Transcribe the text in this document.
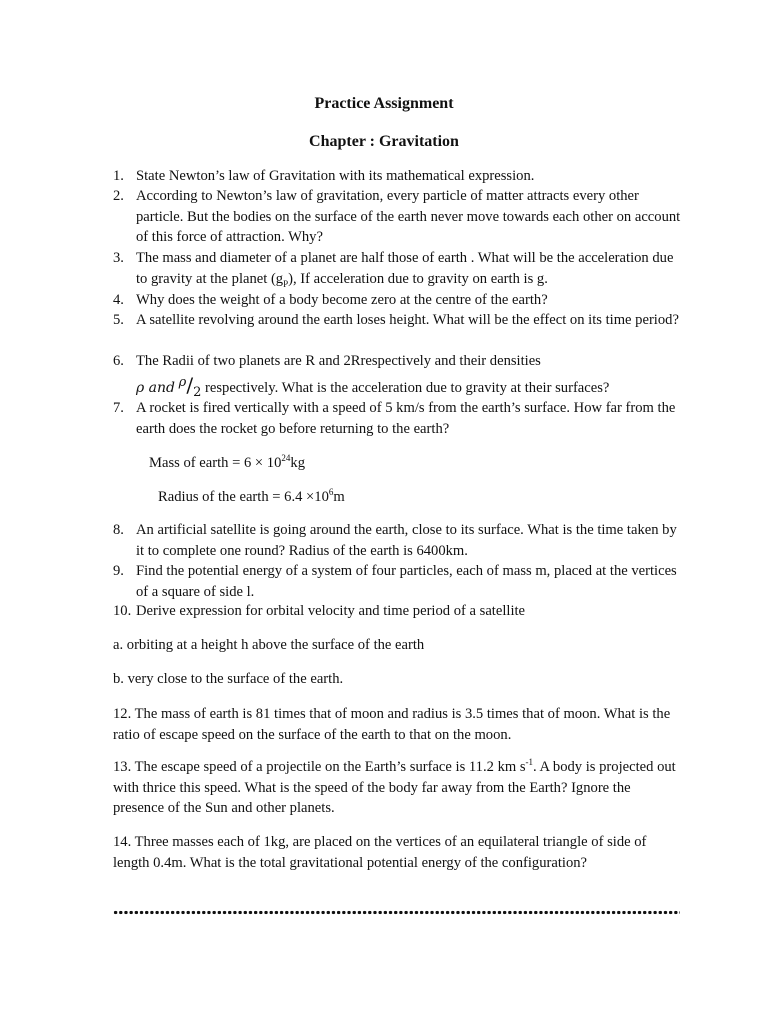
Practice Assignment
Chapter : Gravitation
1. State Newton’s law of Gravitation with its mathematical expression.
2. According to Newton’s law of gravitation, every particle of matter attracts every other particle. But the bodies on the surface of the earth never move towards each other on account of this force of attraction. Why?
3. The mass and diameter of a planet are half those of earth . What will be the acceleration due to gravity at the planet $(g_P)$, If acceleration due to gravity on earth is g.
4. Why does the weight of a body become zero at the centre of the earth?
5. A satellite revolving around the earth loses height. What will be the effect on its time period?
6. The Radii of two planets are R and 2Rrespectively and their densities
ρ and ρ/2 respectively. What is the acceleration due to gravity at their surfaces?
7. A rocket is fired vertically with a speed of 5 km/s from the earth’s surface. How far from the earth does the rocket go before returning to the earth?
Mass of earth = $6 \times 10^{24}kg$
Radius of the earth = $6.4 \times 10^6m$
8. An artificial satellite is going around the earth, close to its surface. What is the time taken by it to complete one round? Radius of the earth is 6400km.
9. Find the potential energy of a system of four particles, each of mass m, placed at the vertices of a square of side l.
10. Derive expression for orbital velocity and time period of a satellite
a. orbiting at a height h above the surface of the earth
b. very close to the surface of the earth.
12. The mass of earth is 81 times that of moon and radius is 3.5 times that of moon. What is the ratio of escape speed on the surface of the earth to that on the moon.
13. The escape speed of a projectile on the Earth’s surface is 11.2 km $s^{-1}$. A body is projected out with thrice this speed. What is the speed of the body far away from the Earth? Ignore the presence of the Sun and other planets.
14. Three masses each of 1kg, are placed on the vertices of an equilateral triangle of side of length 0.4m. What is the total gravitational potential energy of the configuration?
